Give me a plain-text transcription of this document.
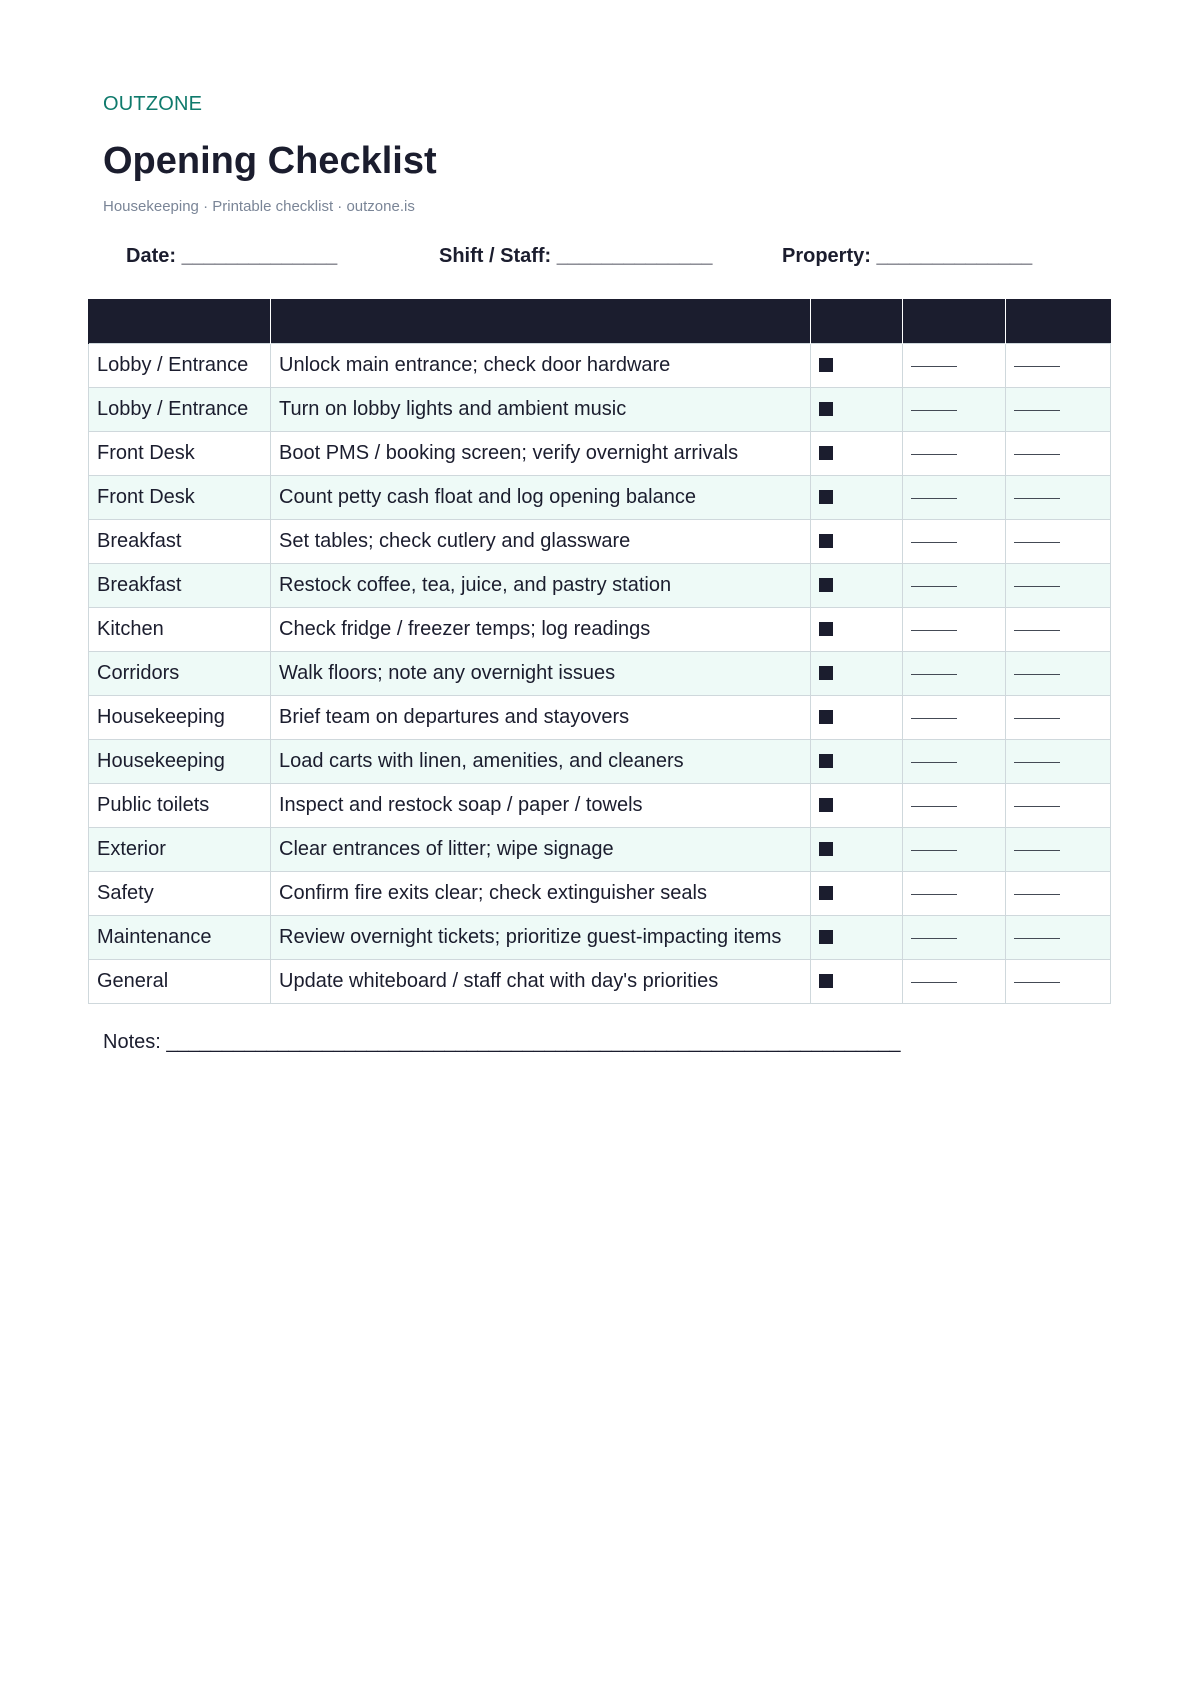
OUTZONE
Opening Checklist
Housekeeping · Printable checklist · outzone.is
Date: ______________	Shift / Staff: ______________	Property: ______________

Lobby / Entrance	Unlock main entrance; check door hardware			
Lobby / Entrance	Turn on lobby lights and ambient music			
Front Desk	Boot PMS / booking screen; verify overnight arrivals			
Front Desk	Count petty cash float and log opening balance			
Breakfast	Set tables; check cutlery and glassware			
Breakfast	Restock coffee, tea, juice, and pastry station			
Kitchen	Check fridge / freezer temps; log readings			
Corridors	Walk floors; note any overnight issues			
Housekeeping	Brief team on departures and stayovers			
Housekeeping	Load carts with linen, amenities, and cleaners			
Public toilets	Inspect and restock soap / paper / towels			
Exterior	Clear entrances of litter; wipe signage			
Safety	Confirm fire exits clear; check extinguisher seals			
Maintenance	Review overnight tickets; prioritize guest-impacting items			
General	Update whiteboard / staff chat with day's priorities			
Notes: __________________________________________________________________
